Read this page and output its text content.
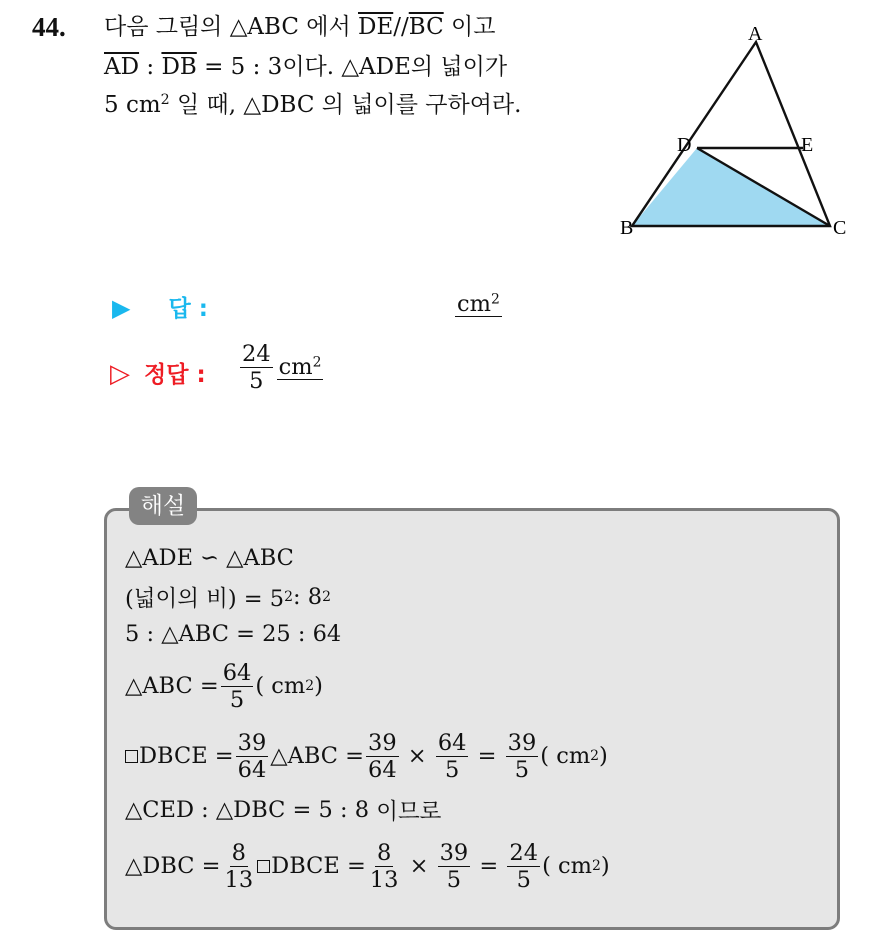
44. 다음 그림의 △ABC 에서 $\overline{DE}//\overline{BC}$ 이고
$\overline{AD}$ : $\overline{DB} = 5$ : 3이다. △ADE의 넓이가
5 $cm^2$ 일 때, △DBC 의 넓이를 구하여라.
A
D	E
B	C
▶ 답 :	$cm^2$
▷ 정답 : $\frac{24}{5} cm^2$
해설
△ADE ∽ △ABC
(넓이의 비) = 5 2 : 8 2
5 : △ABC = 25 : 64
△ABC = $\frac{64}{5}$ ( cm 2 )
DBCE = $\frac{39}{64}$ △ABC = $\frac{39}{64} \times \frac{64}{5} = \frac{39}{5}$ ( cm 2 )
△CED : △DBC = 5 : 8 이므로
△DBC = $\frac{8}{13}$ DBCE = $\frac{8}{13} \times \frac{39}{5} = \frac{24}{5}$ ( cm 2 )
